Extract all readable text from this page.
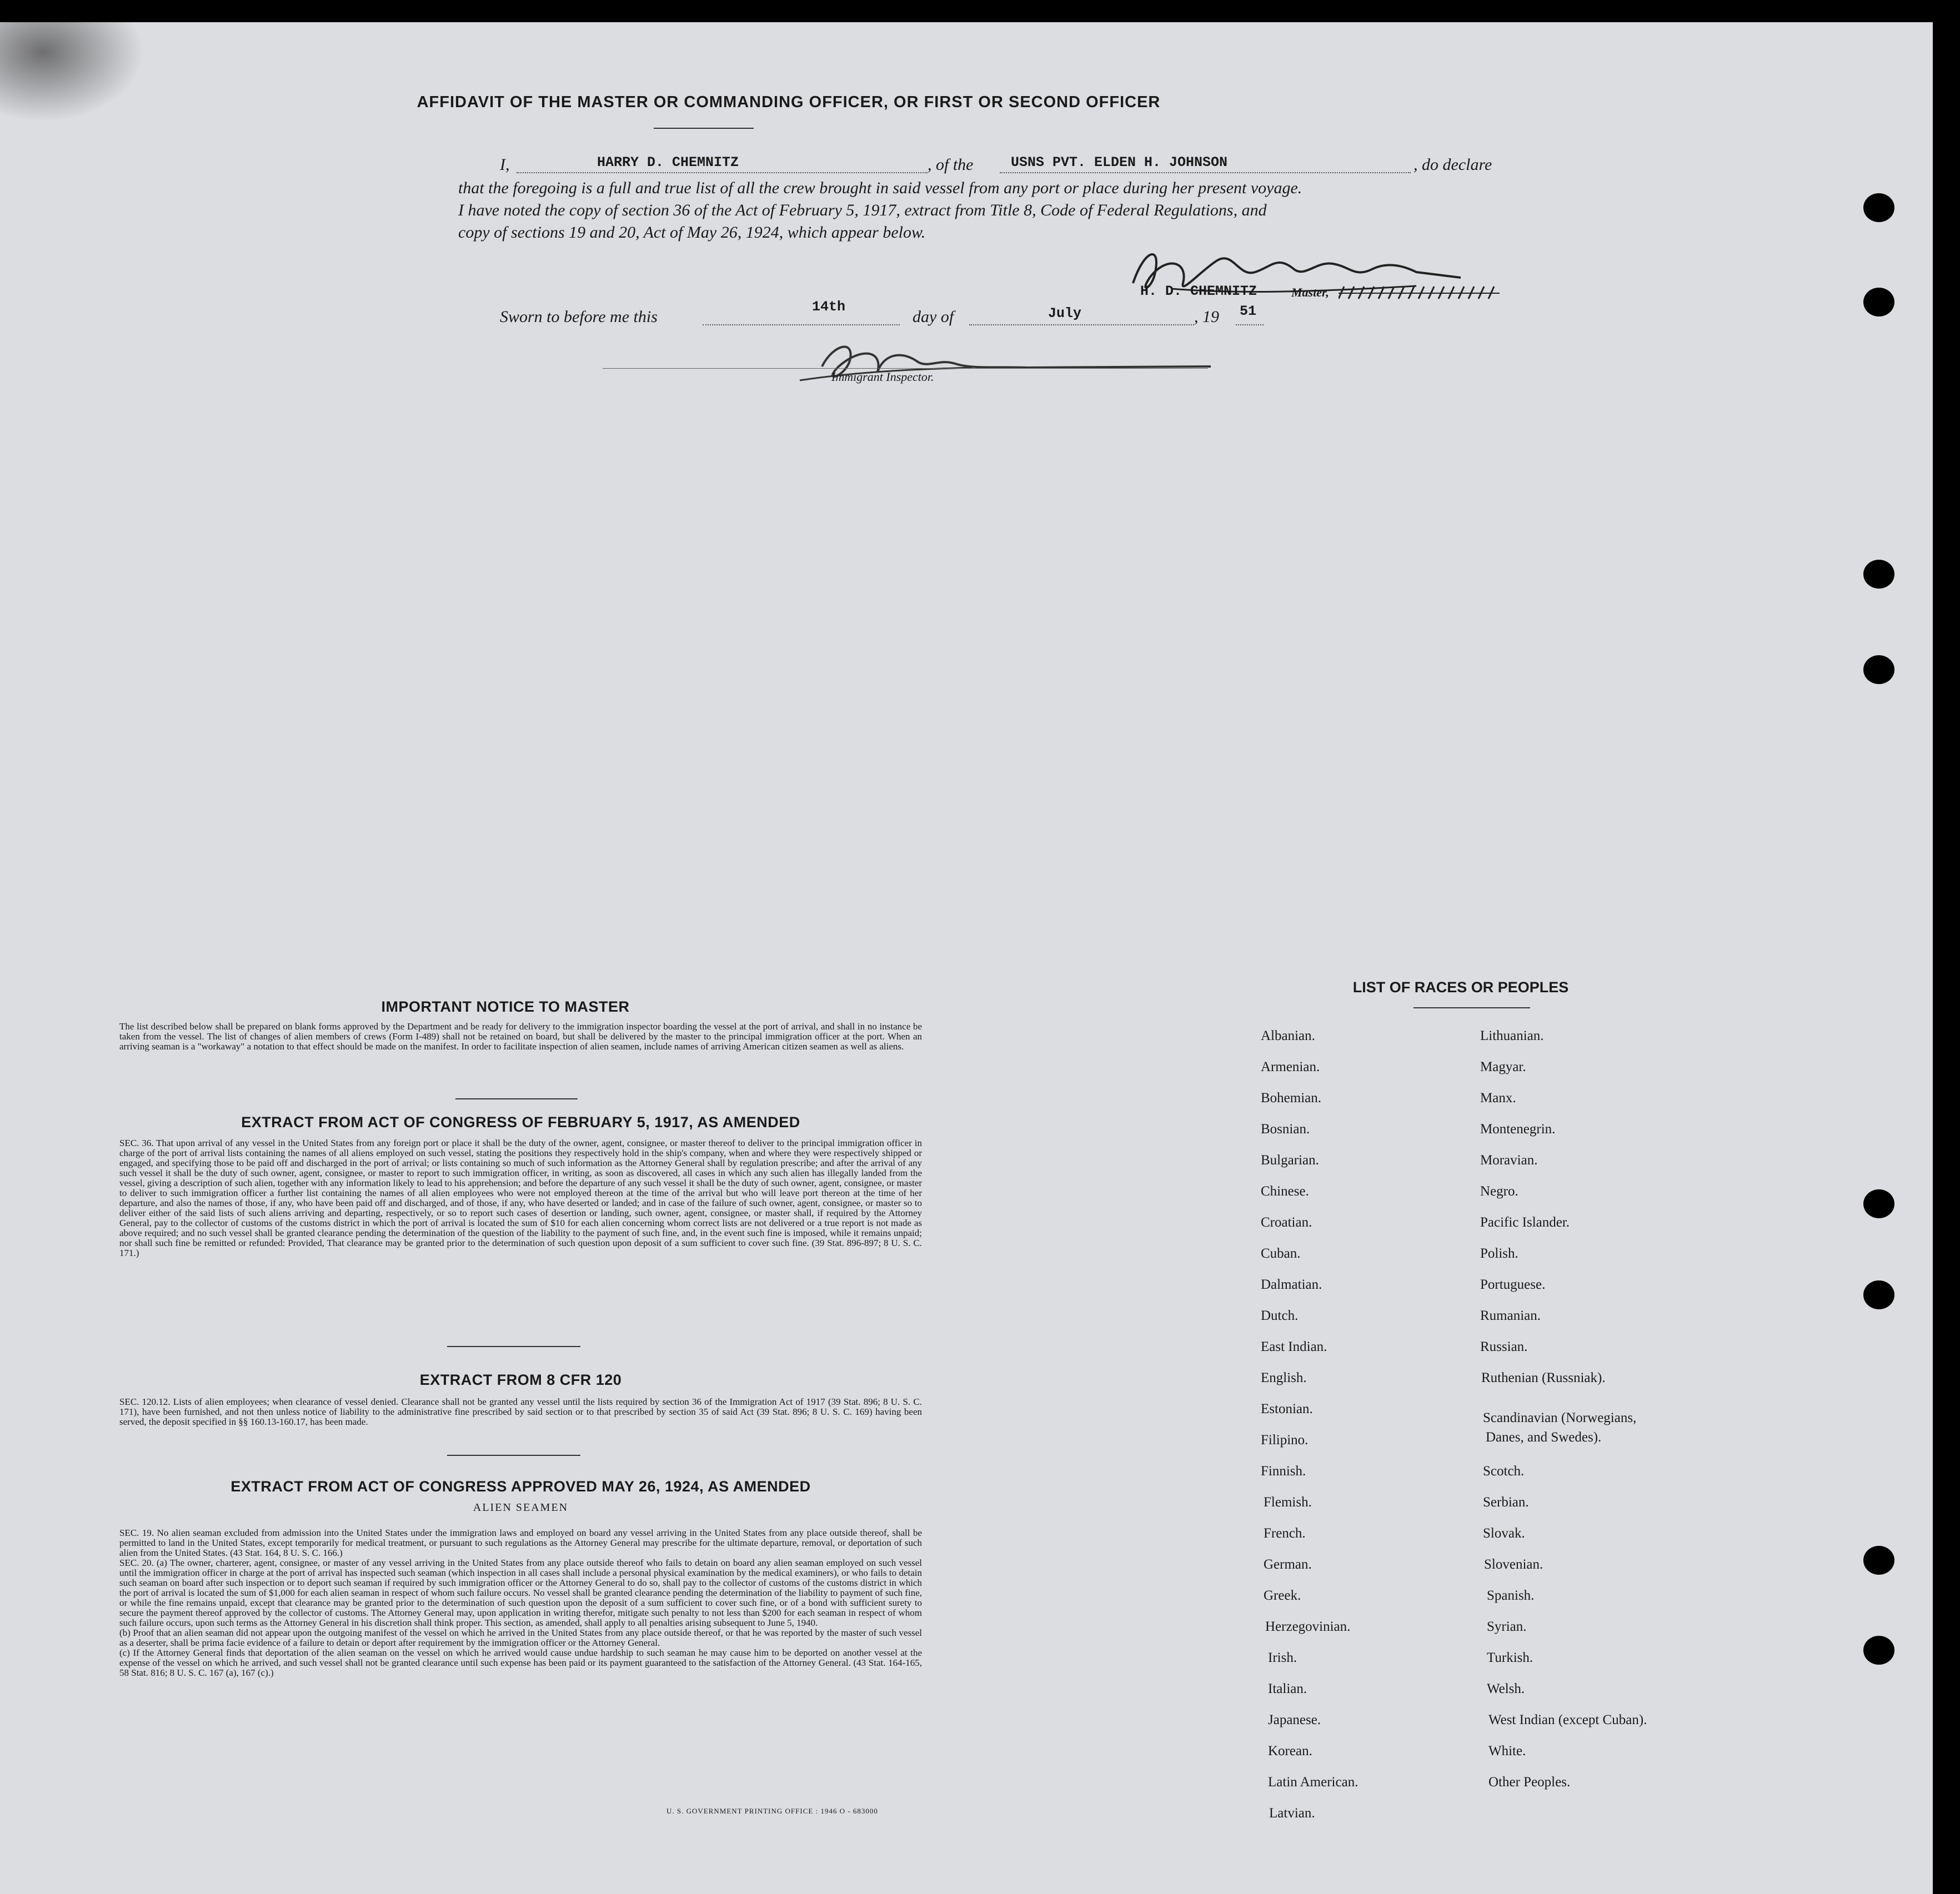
AFFIDAVIT OF THE MASTER OR COMMANDING OFFICER, OR FIRST OR SECOND OFFICER
I,	HARRY D. CHEMNITZ	, of the	USNS PVT. ELDEN H. JOHNSON	, do declare
that the foregoing is a full and true list of all the crew brought in said vessel from any port or place during her present voyage.
I have noted the copy of section 36 of the Act of February 5, 1917, extract from Title 8, Code of Federal Regulations, and
copy of sections 19 and 20, Act of May 26, 1924, which appear below.
H. D. CHEMNITZ	Master,
Sworn to before me this
14th
day of	July	, 19 51
Immigrant Inspector.
IMPORTANT NOTICE TO MASTER
The list described below shall be prepared on blank forms approved by the Department and be ready for delivery to the immigration inspector boarding the vessel at the port of arrival, and shall in no instance be taken from the vessel. The list of changes of alien members of crews (Form I-489) shall not be retained on board, but shall be delivered by the master to the principal immigration officer at the port. When an arriving seaman is a "workaway" a notation to that effect should be made on the manifest. In order to facilitate inspection of alien seamen, include names of arriving American citizen seamen as well as aliens.
EXTRACT FROM ACT OF CONGRESS OF FEBRUARY 5, 1917, AS AMENDED
SEC. 36. That upon arrival of any vessel in the United States from any foreign port or place it shall be the duty of the owner, agent, consignee, or master thereof to deliver to the principal immigration officer in charge of the port of arrival lists containing the names of all aliens employed on such vessel, stating the positions they respectively hold in the ship's company, when and where they were respectively shipped or engaged, and specifying those to be paid off and discharged in the port of arrival; or lists containing so much of such information as the Attorney General shall by regulation prescribe; and after the arrival of any such vessel it shall be the duty of such owner, agent, consignee, or master to report to such immigration officer, in writing, as soon as discovered, all cases in which any such alien has illegally landed from the vessel, giving a description of such alien, together with any information likely to lead to his apprehension; and before the departure of any such vessel it shall be the duty of such owner, agent, consignee, or master to deliver to such immigration officer a further list containing the names of all alien employees who were not employed thereon at the time of the arrival but who will leave port thereon at the time of her departure, and also the names of those, if any, who have been paid off and discharged, and of those, if any, who have deserted or landed; and in case of the failure of such owner, agent, consignee, or master so to deliver either of the said lists of such aliens arriving and departing, respectively, or so to report such cases of desertion or landing, such owner, agent, consignee, or master shall, if required by the Attorney General, pay to the collector of customs of the customs district in which the port of arrival is located the sum of $10 for each alien concerning whom correct lists are not delivered or a true report is not made as above required; and no such vessel shall be granted clearance pending the determination of the question of the liability to the payment of such fine, and, in the event such fine is imposed, while it remains unpaid; nor shall such fine be remitted or refunded: Provided, That clearance may be granted prior to the determination of such question upon deposit of a sum sufficient to cover such fine. (39 Stat. 896-897; 8 U. S. C. 171.)
EXTRACT FROM 8 CFR 120
SEC. 120.12. Lists of alien employees; when clearance of vessel denied. Clearance shall not be granted any vessel until the lists required by section 36 of the Immigration Act of 1917 (39 Stat. 896; 8 U. S. C. 171), have been furnished, and not then unless notice of liability to the administrative fine prescribed by said section or to that prescribed by section 35 of said Act (39 Stat. 896; 8 U. S. C. 169) having been served, the deposit specified in §§ 160.13-160.17, has been made.
EXTRACT FROM ACT OF CONGRESS APPROVED MAY 26, 1924, AS AMENDED
ALIEN SEAMEN

SEC. 19. No alien seaman excluded from admission into the United States under the immigration laws and employed on board any vessel arriving in the United States from any place outside thereof, shall be permitted to land in the United States, except temporarily for medical treatment, or pursuant to such regulations as the Attorney General may prescribe for the ultimate departure, removal, or deportation of such alien from the United States. (43 Stat. 164, 8 U. S. C. 166.)

SEC. 20. (a) The owner, charterer, agent, consignee, or master of any vessel arriving in the United States from any place outside thereof who fails to detain on board any alien seaman employed on such vessel until the immigration officer in charge at the port of arrival has inspected such seaman (which inspection in all cases shall include a personal physical examination by the medical examiners), or who fails to detain such seaman on board after such inspection or to deport such seaman if required by such immigration officer or the Attorney General to do so, shall pay to the collector of customs of the customs district in which the port of arrival is located the sum of $1,000 for each alien seaman in respect of whom such failure occurs. No vessel shall be granted clearance pending the determination of the liability to payment of such fine, or while the fine remains unpaid, except that clearance may be granted prior to the determination of such question upon the deposit of a sum sufficient to cover such fine, or of a bond with sufficient surety to secure the payment thereof approved by the collector of customs. The Attorney General may, upon application in writing therefor, mitigate such penalty to not less than $200 for each seaman in respect of whom such failure occurs, upon such terms as the Attorney General in his discretion shall think proper. This section, as amended, shall apply to all penalties arising subsequent to June 5, 1940.

(b) Proof that an alien seaman did not appear upon the outgoing manifest of the vessel on which he arrived in the United States from any place outside thereof, or that he was reported by the master of such vessel as a deserter, shall be prima facie evidence of a failure to detain or deport after requirement by the immigration officer or the Attorney General.

(c) If the Attorney General finds that deportation of the alien seaman on the vessel on which he arrived would cause undue hardship to such seaman he may cause him to be deported on another vessel at the expense of the vessel on which he arrived, and such vessel shall not be granted clearance until such expense has been paid or its payment guaranteed to the satisfaction of the Attorney General. (43 Stat. 164-165, 58 Stat. 816; 8 U. S. C. 167 (a), 167 (c).)

U. S. GOVERNMENT PRINTING OFFICE : 1946 O - 683000
LIST OF RACES OR PEOPLES
Albanian.
Armenian.
Bohemian.
Bosnian.
Bulgarian.
Chinese.
Croatian.
Cuban.
Dalmatian.
Dutch.
East Indian.
English.
Estonian.
Filipino.
Finnish.
Flemish.
French.
German.
Greek.
Herzegovinian.
Irish.
Italian.
Japanese.
Korean.
Latin American.
Latvian.
Lithuanian.
Magyar.
Manx.
Montenegrin.
Moravian.
Negro.
Pacific Islander.
Polish.
Portuguese.
Rumanian.
Russian.
Ruthenian (Russniak).
Scandinavian (Norwegians,
Danes, and Swedes).
Scotch.
Serbian.
Slovak.
Slovenian.
Spanish.
Syrian.
Turkish.
Welsh.
West Indian (except Cuban).
White.
Other Peoples.
